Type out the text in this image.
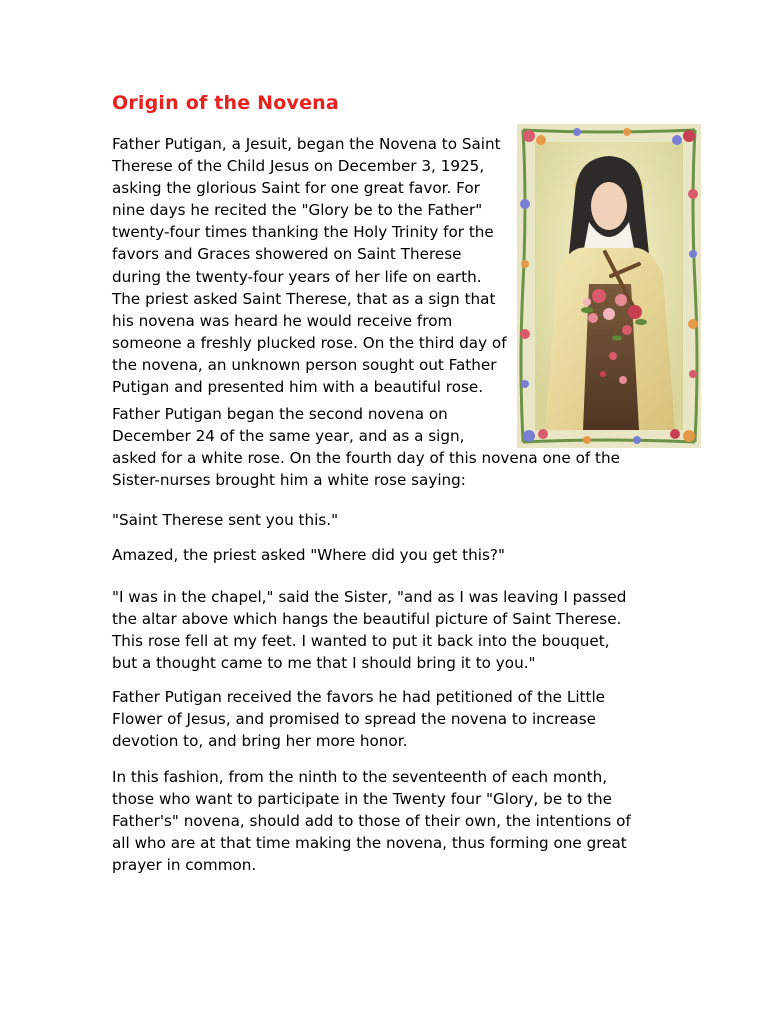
Origin of the Novena

Father Putigan, a Jesuit, began the Novena to Saint
Therese of the Child Jesus on December 3, 1925,
asking the glorious Saint for one great favor. For
nine days he recited the "Glory be to the Father"
twenty-four times thanking the Holy Trinity for the
favors and Graces showered on Saint Therese
during the twenty-four years of her life on earth.
The priest asked Saint Therese, that as a sign that
his novena was heard he would receive from
someone a freshly plucked rose. On the third day of
the novena, an unknown person sought out Father
Putigan and presented him with a beautiful rose.

Father Putigan began the second novena on
December 24 of the same year, and as a sign,
asked for a white rose. On the fourth day of this novena one of the
Sister-nurses brought him a white rose saying:

"Saint Therese sent you this."

Amazed, the priest asked "Where did you get this?"

"I was in the chapel," said the Sister, "and as I was leaving I passed
the altar above which hangs the beautiful picture of Saint Therese.
This rose fell at my feet. I wanted to put it back into the bouquet,
but a thought came to me that I should bring it to you."

Father Putigan received the favors he had petitioned of the Little
Flower of Jesus, and promised to spread the novena to increase
devotion to, and bring her more honor.

In this fashion, from the ninth to the seventeenth of each month,
those who want to participate in the Twenty four "Glory, be to the
Father's" novena, should add to those of their own, the intentions of
all who are at that time making the novena, thus forming one great
prayer in common.
